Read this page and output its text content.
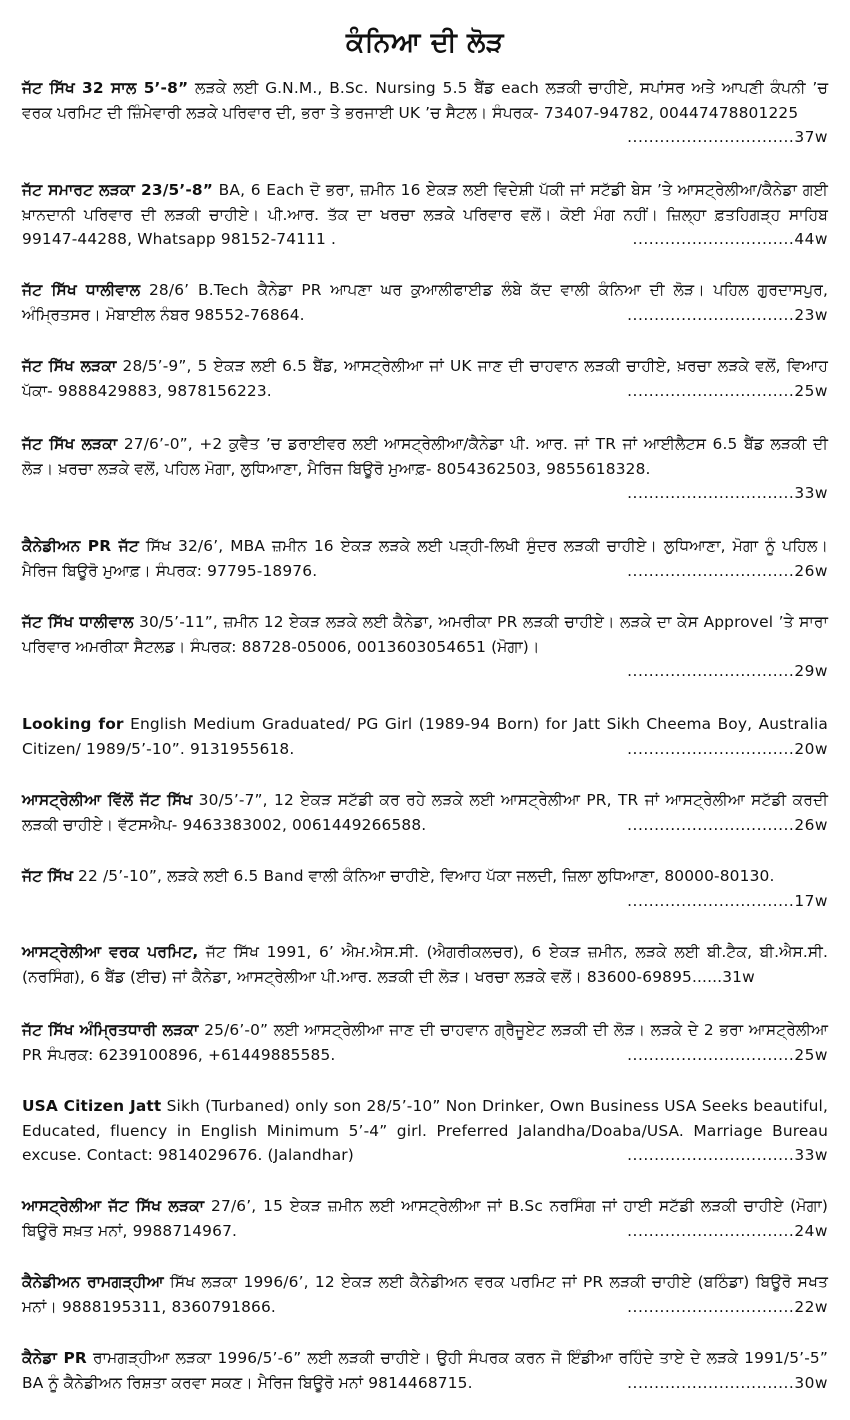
ਕੰਨਿਆ ਦੀ ਲੋੜ
ਜੱਟ ਸਿੱਖ 32 ਸਾਲ 5’-8” ਲੜਕੇ ਲਈ G.N.M., B.Sc. Nursing 5.5 ਬੈਂਡ each ਲੜਕੀ ਚਾਹੀਏ, ਸਪਾਂਸਰ ਅਤੇ ਆਪਣੀ ਕੰਪਨੀ ’ਚ ਵਰਕ ਪਰਮਿਟ ਦੀ ਜ਼ਿੰਮੇਵਾਰੀ ਲੜਕੇ ਪਰਿਵਾਰ ਦੀ, ਭਰਾ ਤੇ ਭਰਜਾਈ UK ’ਚ ਸੈਟਲ। ਸੰਪਰਕ- 73407-94782, 00447478801225
...............................37w
ਜੱਟ ਸਮਾਰਟ ਲੜਕਾ 23/5’-8” BA, 6 Each ਦੋ ਭਰਾ, ਜ਼ਮੀਨ 16 ਏਕੜ ਲਈ ਵਿਦੇਸ਼ੀ ਪੱਕੀ ਜਾਂ ਸਟੱਡੀ ਬੇਸ ’ਤੇ ਆਸਟ੍ਰੇਲੀਆ/ਕੈਨੇਡਾ ਗਈ ਖ਼ਾਨਦਾਨੀ ਪਰਿਵਾਰ ਦੀ ਲੜਕੀ ਚਾਹੀਏ। ਪੀ.ਆਰ. ਤੱਕ ਦਾ ਖਰਚਾ ਲੜਕੇ ਪਰਿਵਾਰ ਵਲੋਂ। ਕੋਈ ਮੰਗ ਨਹੀਂ। ਜ਼ਿਲ੍ਹਾ ਫ਼ਤਹਿਗੜ੍ਹ ਸਾਹਿਬ 99147-44288, Whatsapp 98152-74111 .	..............................44w
ਜੱਟ ਸਿੱਖ ਧਾਲੀਵਾਲ 28/6’ B.Tech ਕੈਨੇਡਾ PR ਆਪਣਾ ਘਰ ਕੁਆਲੀਫਾਈਡ ਲੰਬੇ ਕੱਦ ਵਾਲੀ ਕੰਨਿਆ ਦੀ ਲੋੜ। ਪਹਿਲ ਗੁਰਦਾਸਪੁਰ, ਅੰਮ੍ਰਿਤਸਰ। ਮੋਬਾਈਲ ਨੰਬਰ 98552-76864.	...............................23w
ਜੱਟ ਸਿੱਖ ਲੜਕਾ 28/5’-9”, 5 ਏਕੜ ਲਈ 6.5 ਬੈਂਡ, ਆਸਟ੍ਰੇਲੀਆ ਜਾਂ UK ਜਾਣ ਦੀ ਚਾਹਵਾਨ ਲੜਕੀ ਚਾਹੀਏ, ਖ਼ਰਚਾ ਲੜਕੇ ਵਲੋਂ, ਵਿਆਹ ਪੱਕਾ- 9888429883, 9878156223.	...............................25w
ਜੱਟ ਸਿੱਖ ਲੜਕਾ 27/6’-0”, +2 ਕੁਵੈਤ ’ਚ ਡਰਾਈਵਰ ਲਈ ਆਸਟ੍ਰੇਲੀਆ/ਕੈਨੇਡਾ ਪੀ. ਆਰ. ਜਾਂ TR ਜਾਂ ਆਈਲੈਟਸ 6.5 ਬੈਂਡ ਲੜਕੀ ਦੀ ਲੋੜ। ਖ਼ਰਚਾ ਲੜਕੇ ਵਲੋਂ, ਪਹਿਲ ਮੋਗਾ, ਲੁਧਿਆਣਾ, ਮੈਰਿਜ ਬਿਊਰੋ ਮੁਆਫ਼- 8054362503, 9855618328.
...............................33w
ਕੈਨੇਡੀਅਨ PR ਜੱਟ ਸਿੱਖ 32/6’, MBA ਜ਼ਮੀਨ 16 ਏਕੜ ਲੜਕੇ ਲਈ ਪੜ੍ਹੀ-ਲਿਖੀ ਸੁੰਦਰ ਲੜਕੀ ਚਾਹੀਏ। ਲੁਧਿਆਣਾ, ਮੋਗਾ ਨੂੰ ਪਹਿਲ। ਮੈਰਿਜ ਬਿਊਰੋ ਮੁਆਫ਼। ਸੰਪਰਕ: 97795-18976.	...............................26w
ਜੱਟ ਸਿੱਖ ਧਾਲੀਵਾਲ 30/5’-11”, ਜ਼ਮੀਨ 12 ਏਕੜ ਲੜਕੇ ਲਈ ਕੈਨੇਡਾ, ਅਮਰੀਕਾ PR ਲੜਕੀ ਚਾਹੀਏ। ਲੜਕੇ ਦਾ ਕੇਸ Approvel ’ਤੇ ਸਾਰਾ ਪਰਿਵਾਰ ਅਮਰੀਕਾ ਸੈਟਲਡ। ਸੰਪਰਕ: 88728-05006, 0013603054651 (ਮੋਗਾ)।
...............................29w
Looking for English Medium Graduated/ PG Girl (1989-94 Born) for Jatt Sikh Cheema Boy, Australia Citizen/ 1989/5’-10”. 9131955618.	...............................20w
ਆਸਟ੍ਰੇਲੀਆ ਵਿੱਲੋਂ ਜੱਟ ਸਿੱਖ 30/5’-7”, 12 ਏਕੜ ਸਟੱਡੀ ਕਰ ਰਹੇ ਲੜਕੇ ਲਈ ਆਸਟ੍ਰੇਲੀਆ PR, TR ਜਾਂ ਆਸਟ੍ਰੇਲੀਆ ਸਟੱਡੀ ਕਰਦੀ ਲੜਕੀ ਚਾਹੀਏ। ਵੱਟਸਐਪ- 9463383002, 0061449266588.	...............................26w
ਜੱਟ ਸਿੱਖ 22 /5’-10”, ਲੜਕੇ ਲਈ 6.5 Band ਵਾਲੀ ਕੰਨਿਆ ਚਾਹੀਏ, ਵਿਆਹ ਪੱਕਾ ਜਲਦੀ, ਜ਼ਿਲਾ ਲੁਧਿਆਣਾ, 80000-80130.
...............................17w
ਆਸਟ੍ਰੇਲੀਆ ਵਰਕ ਪਰਮਿਟ, ਜੱਟ ਸਿੱਖ 1991, 6’ ਐਮ.ਐਸ.ਸੀ. (ਐਗਰੀਕਲਚਰ), 6 ਏਕੜ ਜ਼ਮੀਨ, ਲੜਕੇ ਲਈ ਬੀ.ਟੈਕ, ਬੀ.ਐਸ.ਸੀ. (ਨਰਸਿੰਗ), 6 ਬੈਂਡ (ਈਚ) ਜਾਂ ਕੈਨੇਡਾ, ਆਸਟ੍ਰੇਲੀਆ ਪੀ.ਆਰ. ਲੜਕੀ ਦੀ ਲੋੜ। ਖਰਚਾ ਲੜਕੇ ਵਲੋਂ। 83600-69895......31w
ਜੱਟ ਸਿੱਖ ਅੰਮ੍ਰਿਤਧਾਰੀ ਲੜਕਾ 25/6’-0” ਲਈ ਆਸਟ੍ਰੇਲੀਆ ਜਾਣ ਦੀ ਚਾਹਵਾਨ ਗ੍ਰੈਜੂਏਟ ਲੜਕੀ ਦੀ ਲੋੜ। ਲੜਕੇ ਦੇ 2 ਭਰਾ ਆਸਟ੍ਰੇਲੀਆ PR ਸੰਪਰਕ: 6239100896, +61449885585.	...............................25w
USA Citizen Jatt Sikh (Turbaned) only son 28/5’-10” Non Drinker, Own Business USA Seeks beautiful, Educated, fluency in English Minimum 5’-4” girl. Preferred Jalandha/Doaba/USA. Marriage Bureau excuse. Contact: 9814029676. (Jalandhar)	...............................33w
ਆਸਟ੍ਰੇਲੀਆ ਜੱਟ ਸਿੱਖ ਲੜਕਾ 27/6’, 15 ਏਕੜ ਜ਼ਮੀਨ ਲਈ ਆਸਟ੍ਰੇਲੀਆ ਜਾਂ B.Sc ਨਰਸਿੰਗ ਜਾਂ ਹਾਈ ਸਟੱਡੀ ਲੜਕੀ ਚਾਹੀਏ (ਮੋਗਾ) ਬਿਊਰੋ ਸਖ਼ਤ ਮਨਾਂ, 9988714967.	...............................24w
ਕੈਨੇਡੀਅਨ ਰਾਮਗੜ੍ਹੀਆ ਸਿੱਖ ਲੜਕਾ 1996/6’, 12 ਏਕੜ ਲਈ ਕੈਨੇਡੀਅਨ ਵਰਕ ਪਰਮਿਟ ਜਾਂ PR ਲੜਕੀ ਚਾਹੀਏ (ਬਠਿੰਡਾ) ਬਿਊਰੋ ਸਖਤ ਮਨਾਂ। 9888195311, 8360791866.	...............................22w
ਕੈਨੇਡਾ PR ਰਾਮਗੜ੍ਹੀਆ ਲੜਕਾ 1996/5’-6” ਲਈ ਲੜਕੀ ਚਾਹੀਏ। ਉਹੀ ਸੰਪਰਕ ਕਰਨ ਜੋ ਇੰਡੀਆ ਰਹਿੰਦੇ ਤਾਏ ਦੇ ਲੜਕੇ 1991/5’-5” BA ਨੂੰ ਕੈਨੇਡੀਅਨ ਰਿਸ਼ਤਾ ਕਰਵਾ ਸਕਣ। ਮੈਰਿਜ ਬਿਊਰੋ ਮਨਾਂ 9814468715.	...............................30w
